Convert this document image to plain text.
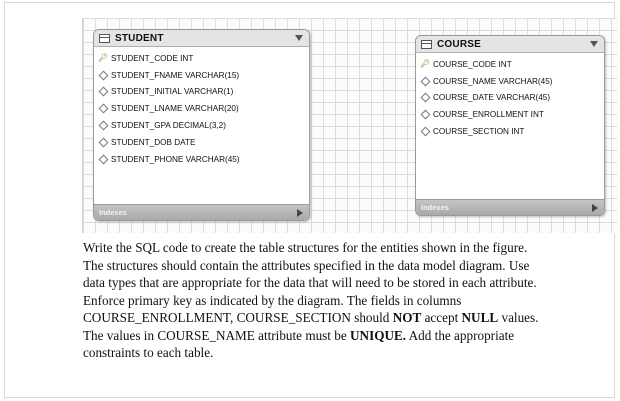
STUDENT
🔑︎ STUDENT_CODE INT
STUDENT_FNAME VARCHAR(15)
STUDENT_INITIAL VARCHAR(1)
STUDENT_LNAME VARCHAR(20)
STUDENT_GPA DECIMAL(3,2)
STUDENT_DOB DATE
STUDENT_PHONE VARCHAR(45)
Indexes
COURSE
🔑︎ COURSE_CODE INT
COURSE_NAME VARCHAR(45)
COURSE_DATE VARCHAR(45)
COURSE_ENROLLMENT INT
COURSE_SECTION INT
Indexes

Write the SQL code to create the table structures for the entities shown in the figure.

The structures should contain the attributes specified in the data model diagram. Use

data types that are appropriate for the data that will need to be stored in each attribute.

Enforce primary key as indicated by the diagram. The fields in columns

COURSE_ENROLLMENT, COURSE_SECTION should NOT accept NULL values.

The values in COURSE_NAME attribute must be UNIQUE. Add the appropriate

constraints to each table.
